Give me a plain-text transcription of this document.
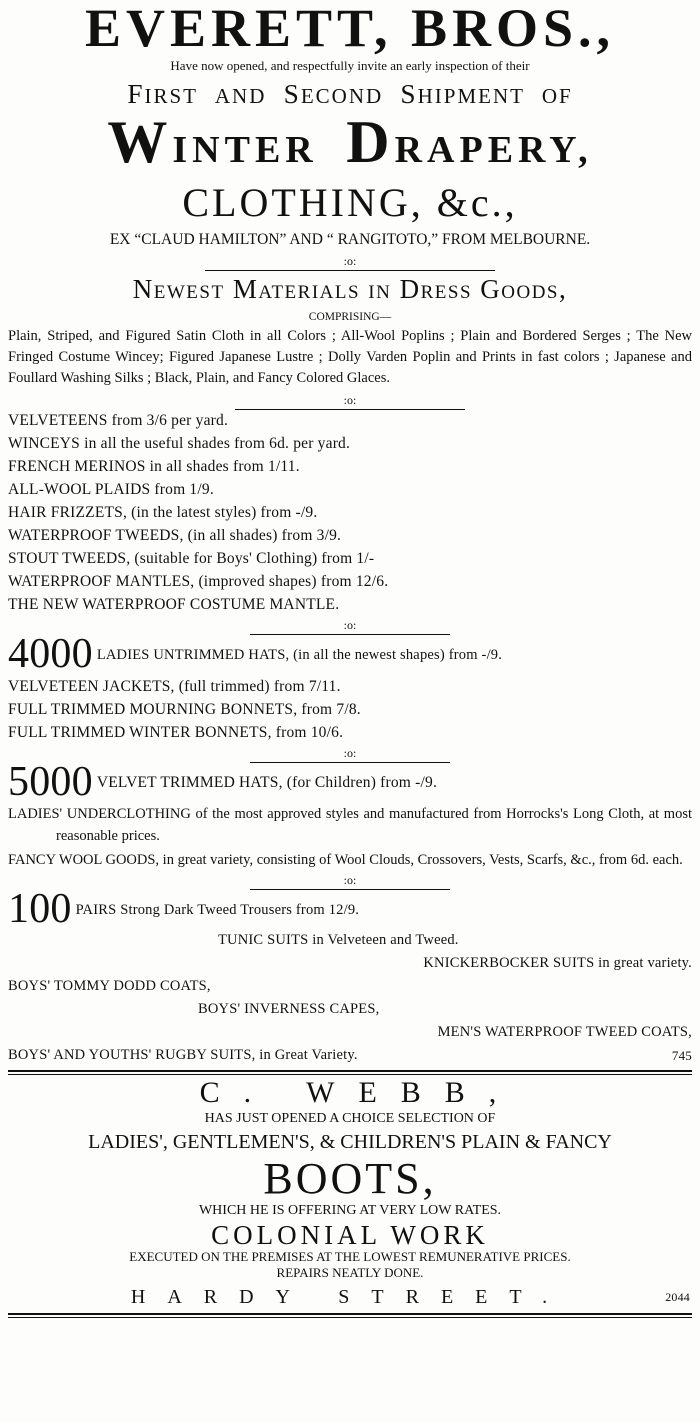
EVERETT, BROS.,
Have now opened, and respectfully invite an early inspection of their
FIRST AND SECOND SHIPMENT OF
WINTER DRAPERY,
CLOTHING, &c.,
EX “CLAUD HAMILTON” AND “ RANGITOTO,” FROM MELBOURNE.
:o:
Newest Materials in Dress Goods,
COMPRISING—
Plain, Striped, and Figured Satin Cloth in all Colors ; All-Wool Poplins ; Plain and Bordered Serges ; The New Fringed Costume Wincey; Figured Japanese Lustre ; Dolly Varden Poplin and Prints in fast colors ; Japanese and Foullard Washing Silks ; Black, Plain, and Fancy Colored Glaces.
:o:
VELVETEENS from 3/6 per yard.
WINCEYS in all the useful shades from 6d. per yard.
FRENCH MERINOS in all shades from 1/11.
ALL-WOOL PLAIDS from 1/9.
HAIR FRIZZETS, (in the latest styles) from -/9.
WATERPROOF TWEEDS, (in all shades) from 3/9.
STOUT TWEEDS, (suitable for Boys' Clothing) from 1/-
WATERPROOF MANTLES, (improved shapes) from 12/6.
THE NEW WATERPROOF COSTUME MANTLE.
:o:
4000 LADIES UNTRIMMED HATS, (in all the newest shapes) from -/9.
VELVETEEN JACKETS, (full trimmed) from 7/11.
FULL TRIMMED MOURNING BONNETS, from 7/8.
FULL TRIMMED WINTER BONNETS, from 10/6.
:o:
5000 VELVET TRIMMED HATS, (for Children) from -/9.
LADIES' UNDERCLOTHING of the most approved styles and manufactured from Horrocks's Long Cloth, at most reasonable prices.
FANCY WOOL GOODS, in great variety, consisting of Wool Clouds, Crossovers, Vests, Scarfs, &c., from 6d. each.
:o:
100 PAIRS Strong Dark Tweed Trousers from 12/9.
TUNIC SUITS in Velveteen and Tweed.
KNICKERBOCKER SUITS in great variety.
BOYS' TOMMY DODD COATS,
BOYS' INVERNESS CAPES,
MEN'S WATERPROOF TWEED COATS,
BOYS' AND YOUTHS' RUGBY SUITS, in Great Variety.	745
C. WEBB,
HAS JUST OPENED A CHOICE SELECTION OF
LADIES', GENTLEMEN'S, & CHILDREN'S PLAIN & FANCY
BOOTS,
WHICH HE IS OFFERING AT VERY LOW RATES.
COLONIAL WORK
EXECUTED ON THE PREMISES AT THE LOWEST REMUNERATIVE PRICES.
REPAIRS NEATLY DONE.
HARDY STREET.	2044
